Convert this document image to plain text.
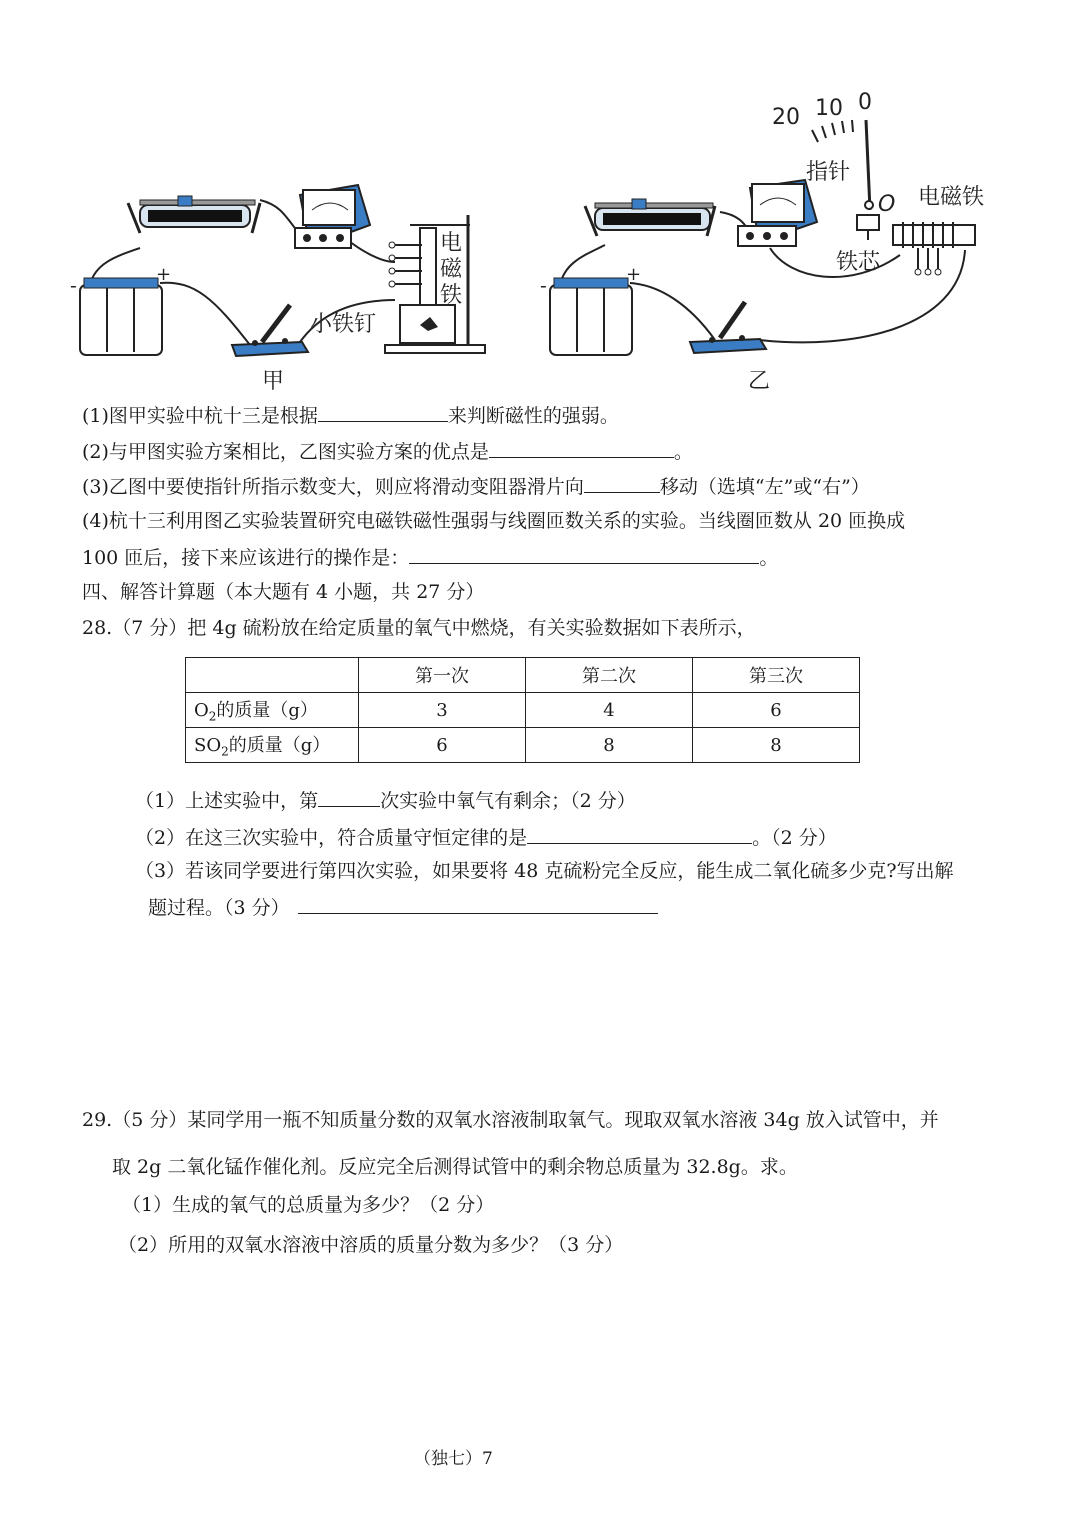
-	+	-	+
电
磁
铁
小铁钉
甲
20 10 0
指针
O 电磁铁
铁芯
乙
(1)图甲实验中杭十三是根据	来判断磁性的强弱。
(2)与甲图实验方案相比，乙图实验方案的优点是	。
(3)乙图中要使指针所指示数变大，则应将滑动变阻器滑片向	移动（选填“左”或“右”）
(4)杭十三利用图乙实验装置研究电磁铁磁性强弱与线圈匝数关系的实验。当线圈匝数从 20 匝换成
100 匝后，接下来应该进行的操作是：	。
四、解答计算题（本大题有 4 小题，共 27 分）
28.（7 分）把 4g 硫粉放在给定质量的氧气中燃烧，有关实验数据如下表所示，
	第一次	第二次	第三次
$O_2$的质量（g）	3	4	6
$SO_2$的质量（g）	6	8	8
（1）上述实验中，第	次实验中氧气有剩余；（2 分）
（2）在这三次实验中，符合质量守恒定律的是	。（2 分）
（3）若该同学要进行第四次实验，如果要将 48 克硫粉完全反应，能生成二氧化硫多少克?写出解
题过程。（3 分）
29.（5 分）某同学用一瓶不知质量分数的双氧水溶液制取氧气。现取双氧水溶液 34g 放入试管中，并
取 2g 二氧化锰作催化剂。反应完全后测得试管中的剩余物总质量为 32.8g。求。
（1）生成的氧气的总质量为多少？（2 分）
（2）所用的双氧水溶液中溶质的质量分数为多少？（3 分）
（独七）7
